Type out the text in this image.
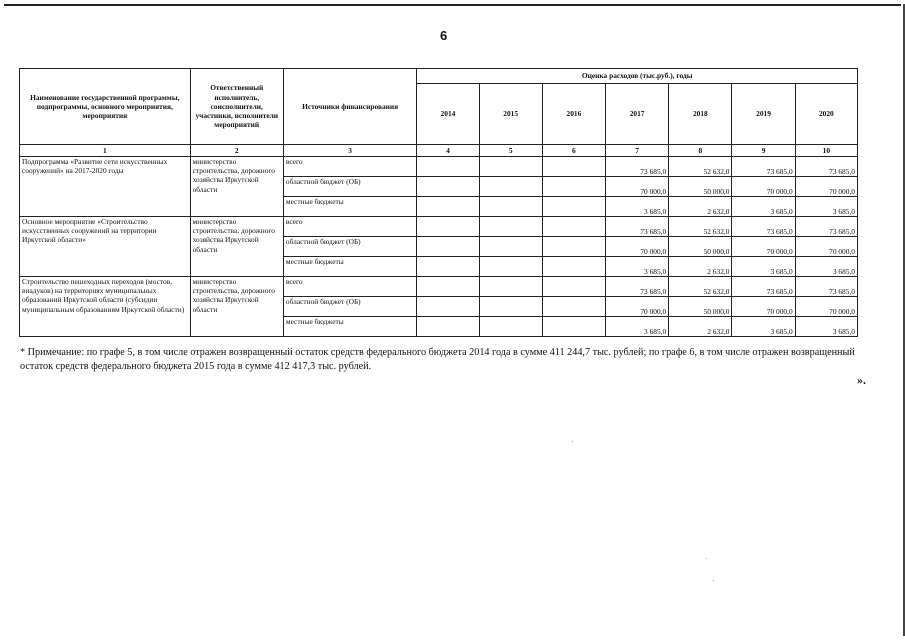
6
Наименование государственной программы, подпрограммы, основного мероприятия, мероприятия	Ответственный исполнитель, соисполнители, участники, исполнители мероприятий	Источники финансирования	Оценка расходов (тыс.руб.), годы						
			2014	2015	2016	2017	2018	2019	2020
1	2	3	4	5	6	7	8	9	10
Подпрограмма «Развитие сети искусственных сооружений» на 2017-2020 годы	министерство строительства, дорожного хозяйства Иркутской области	всего				73 685,0	52 632,0	73 685,0	73 685,0
		областной бюджет (ОБ)				70 000,0	50 000,0	70 000,0	70 000,0
		местные бюджеты				3 685,0	2 632,0	3 685,0	3 685,0
Основное мероприятие «Строительство искусственных сооружений на территории Иркутской области»	министерство строительства, дорожного хозяйства Иркутской области	всего				73 685,0	52 632,0	73 685,0	73 685,0
		областной бюджет (ОБ)				70 000,0	50 000,0	70 000,0	70 000,0
		местные бюджеты				3 685,0	2 632,0	3 685,0	3 685,0
Строительство пешеходных переходов (мостов, виадуков) на территориях муниципальных образований Иркутской области (субсидии муниципальным образованиям Иркутской области)	министерство строительства, дорожного хозяйства Иркутской области	всего				73 685,0	52 632,0	73 685,0	73 685,0
		областной бюджет (ОБ)				70 000,0	50 000,0	70 000,0	70 000,0
		местные бюджеты				3 685,0	2 632,0	3 685,0	3 685,0
* Примечание: по графе 5, в том числе отражен возвращенный остаток средств федерального бюджета 2014 года в сумме 411 244,7 тыс. рублей; по графе 6, в том числе отражен возвращенный остаток средств федерального бюджета 2015 года в сумме 412 417,3 тыс. рублей.
».
